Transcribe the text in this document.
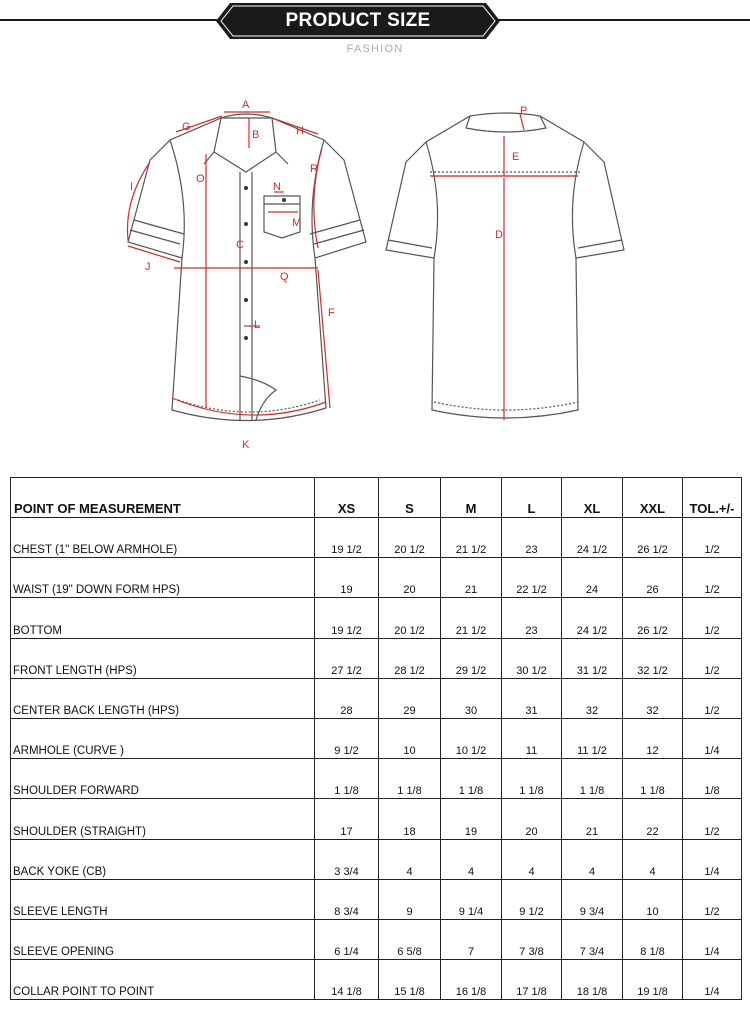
PRODUCT SIZE
FASHION
A
B
G	H
O
R
N
I
M
C
J
Q
F
L
K
P
E
D
POINT OF MEASUREMENT	XS	S	M	L	XL	XXL	TOL.+/-
CHEST (1" BELOW ARMHOLE)	19 1/2	20 1/2	21 1/2	23	24 1/2	26 1/2	1/2
WAIST (19" DOWN FORM HPS)	19	20	21	22 1/2	24	26	1/2
BOTTOM	19 1/2	20 1/2	21 1/2	23	24 1/2	26 1/2	1/2
FRONT LENGTH (HPS)	27 1/2	28 1/2	29 1/2	30 1/2	31 1/2	32 1/2	1/2
CENTER BACK LENGTH (HPS)	28	29	30	31	32	32	1/2
ARMHOLE (CURVE )	9 1/2	10	10 1/2	11	11 1/2	12	1/4
SHOULDER FORWARD	1 1/8	1 1/8	1 1/8	1 1/8	1 1/8	1 1/8	1/8
SHOULDER (STRAIGHT)	17	18	19	20	21	22	1/2
BACK YOKE (CB)	3 3/4	4	4	4	4	4	1/4
SLEEVE LENGTH	8 3/4	9	9 1/4	9 1/2	9 3/4	10	1/2
SLEEVE OPENING	6 1/4	6 5/8	7	7 3/8	7 3/4	8 1/8	1/4
COLLAR POINT TO POINT	14 1/8	15 1/8	16 1/8	17 1/8	18 1/8	19 1/8	1/4
